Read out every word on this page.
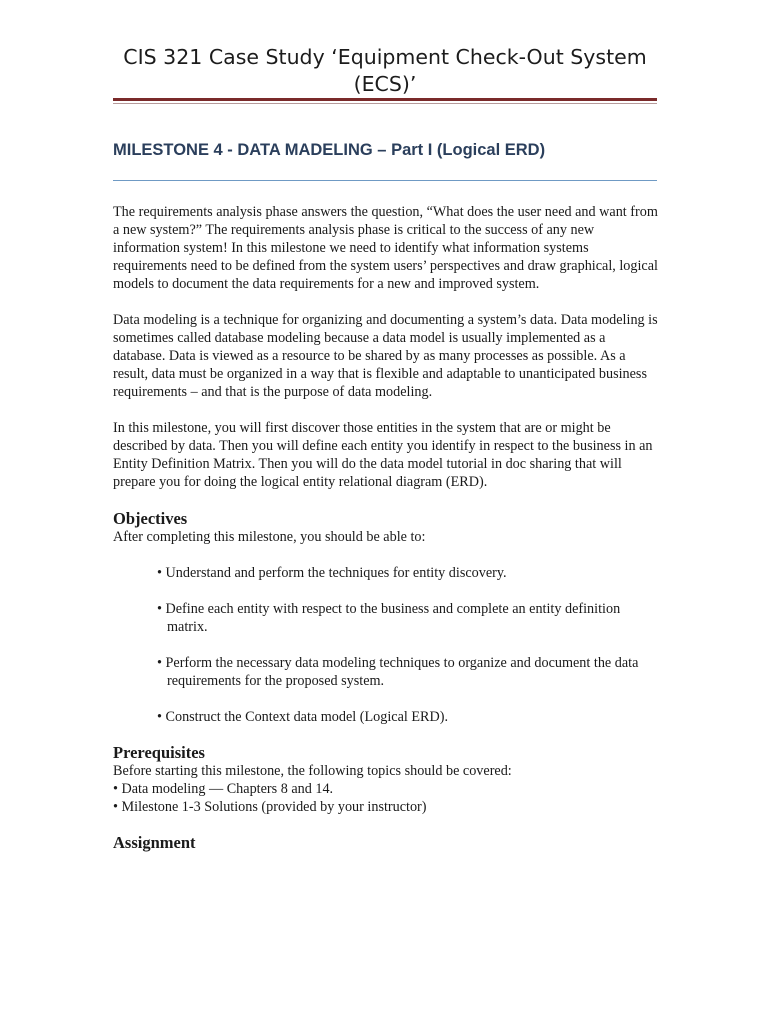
CIS 321 Case Study ‘Equipment Check-Out System (ECS)’
MILESTONE 4 - DATA MADELING – Part I (Logical ERD)

The requirements analysis phase answers the question, “What does the user need and want from a new system?” The requirements analysis phase is critical to the success of any new information system! In this milestone we need to identify what information systems requirements need to be defined from the system users’ perspectives and draw graphical, logical models to document the data requirements for a new and improved system.

Data modeling is a technique for organizing and documenting a system’s data. Data modeling is sometimes called database modeling because a data model is usually implemented as a database. Data is viewed as a resource to be shared by as many processes as possible. As a result, data must be organized in a way that is flexible and adaptable to unanticipated business requirements – and that is the purpose of data modeling.

In this milestone, you will first discover those entities in the system that are or might be described by data. Then you will define each entity you identify in respect to the business in an Entity Definition Matrix. Then you will do the data model tutorial in doc sharing that will prepare you for doing the logical entity relational diagram (ERD).

Objectives

After completing this milestone, you should be able to:

• Understand and perform the techniques for entity discovery.
• Define each entity with respect to the business and complete an entity definition matrix.
• Perform the necessary data modeling techniques to organize and document the data requirements for the proposed system.
• Construct the Context data model (Logical ERD).

Prerequisites

Before starting this milestone, the following topics should be covered:

• Data modeling — Chapters 8 and 14.
• Milestone 1-3 Solutions (provided by your instructor)

Assignment
